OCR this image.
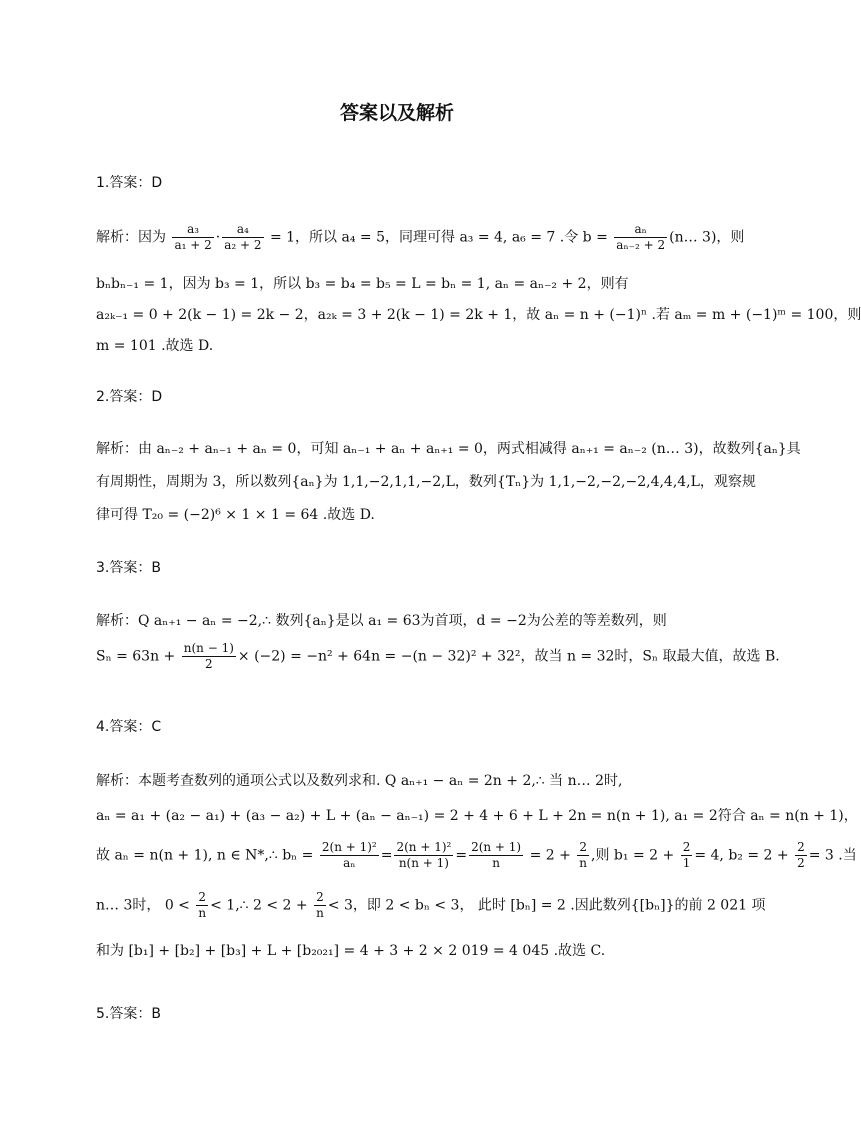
答案以及解析
1.答案：D
解析：因为 $\frac{\text{a₃}}{\text{a₁ + 2}} \cdot \frac{\text{a₄}}{\text{a₂ + 2}} = 1$，所以 a₄ = 5，同理可得 a₃ = 4, a₆ = 7 .令 $b = \frac{\text{aₙ}}{\text{aₙ₋₂ + 2}}$ (n… 3)，则
bₙbₙ₋₁ = 1，因为 b₃ = 1，所以 b₃ = b₄ = b₅ = L = bₙ = 1, aₙ = aₙ₋₂ + 2，则有
a₂ₖ₋₁ = 0 + 2(k − 1) = 2k − 2，a₂ₖ = 3 + 2(k − 1) = 2k + 1，故 aₙ = n + (−1)ⁿ .若 aₘ = m + (−1)ᵐ = 100，则
m = 101 .故选 D.
2.答案：D
解析：由 aₙ₋₂ + aₙ₋₁ + aₙ = 0，可知 aₙ₋₁ + aₙ + aₙ₊₁ = 0，两式相减得 aₙ₊₁ = aₙ₋₂ (n… 3)，故数列{aₙ}具
有周期性，周期为 3，所以数列{aₙ}为 1,1,−2,1,1,−2,L，数列{Tₙ}为 1,1,−2,−2,−2,4,4,4,L，观察规
律可得 T₂₀ = (−2)⁶ × 1 × 1 = 64 .故选 D.
3.答案：B
解析：Q aₙ₊₁ − aₙ = −2,∴ 数列{aₙ}是以 a₁ = 63为首项，d = −2为公差的等差数列，则
$S_n = 63n + \frac{n(n - 1)}{2} \times (-2) = -n^2 + 64n = -(n - 32)^2 + 32^2$，故当 n = 32时，Sₙ 取最大值，故选 B.
4.答案：C
解析：本题考查数列的通项公式以及数列求和. Q aₙ₊₁ − aₙ = 2n + 2,∴ 当 n… 2时,
aₙ = a₁ + (a₂ − a₁) + (a₃ − a₂) + L + (aₙ − aₙ₋₁) = 2 + 4 + 6 + L + 2n = n(n + 1), a₁ = 2符合 aₙ = n(n + 1)，
故 aₙ = n(n + 1), n ∈ N*,∴ $b_n = \frac{\text{2(n + 1)²}}{\text{aₙ}} = \frac{\text{2(n + 1)²}}{n(n + 1)} = \frac{2(n + 1)}{n} = 2 + \frac{2}{n}$ ,则 $b_1 = 2 + \frac{2}{1} = 4$, $b_2 = 2 + \frac{2}{2} = 3$ .当
n… 3时， $0 < \frac{2}{n}$ < 1,∴ $2 < 2 + \frac{2}{n} < 3$，即 2 < bₙ < 3， 此时 [bₙ] = 2 .因此数列{[bₙ]}的前 2 021 项
和为 [b₁] + [b₂] + [b₃] + L + [b₂₀₂₁] = 4 + 3 + 2 × 2 019 = 4 045 .故选 C.
5.答案：B
